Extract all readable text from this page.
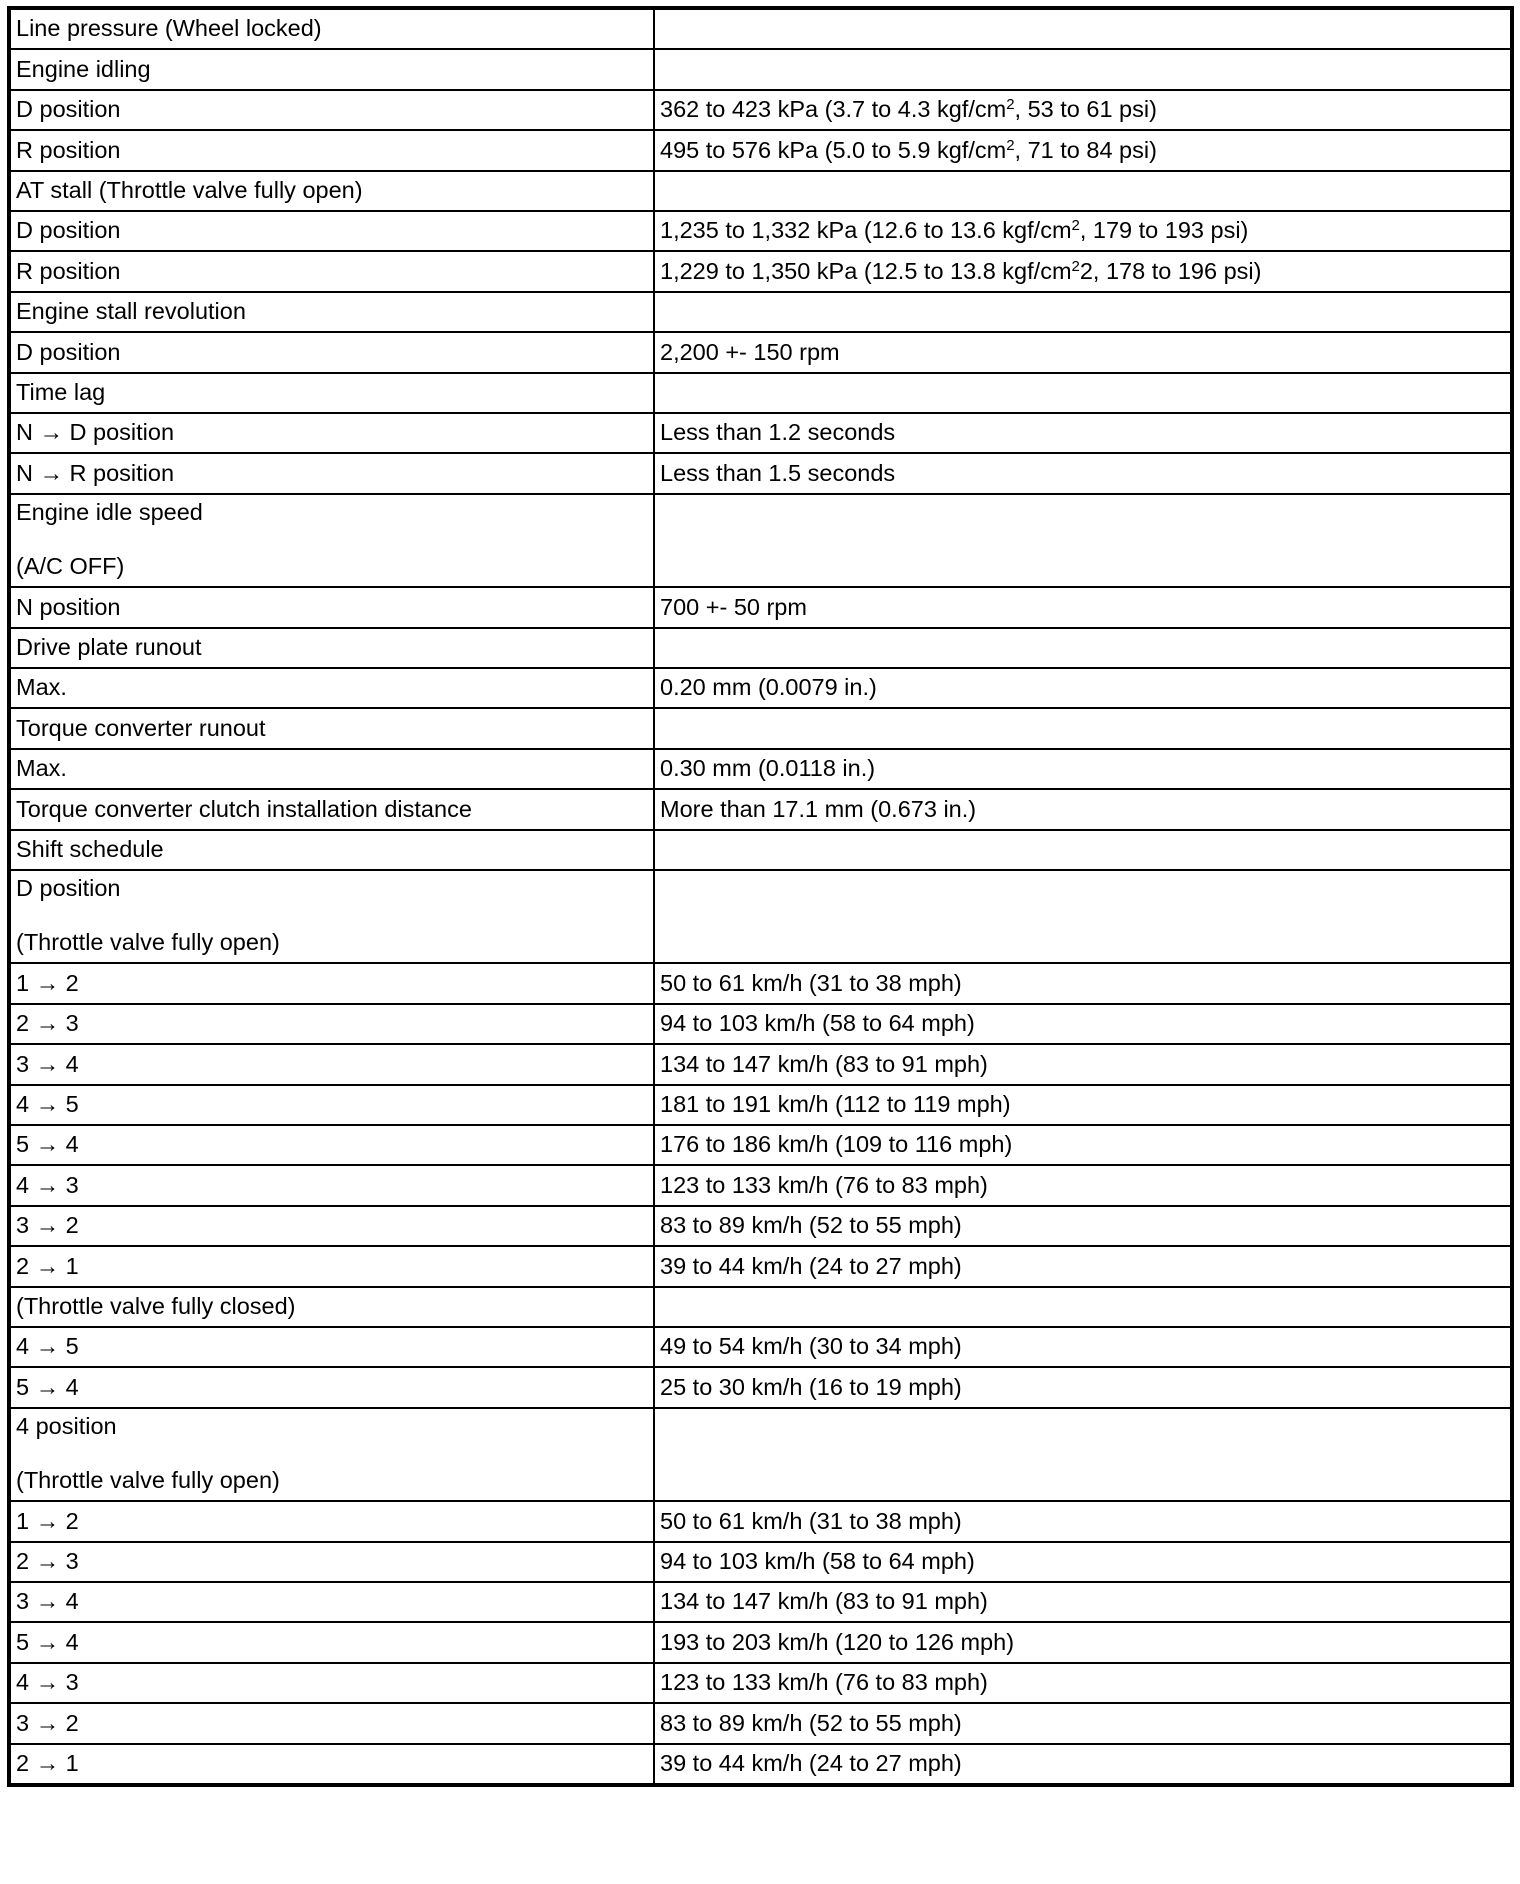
Line pressure (Wheel locked)	
Engine idling	
D position	362 to 423 kPa (3.7 to 4.3 kgf/$cm^2$, 53 to 61 psi)
R position	495 to 576 kPa (5.0 to 5.9 kgf/$cm^2$, 71 to 84 psi)
AT stall (Throttle valve fully open)	
D position	1,235 to 1,332 kPa (12.6 to 13.6 kgf/$cm^2$, 179 to 193 psi)
R position	1,229 to 1,350 kPa (12.5 to 13.8 kgf/$cm^22$, 178 to 196 psi)
Engine stall revolution	
D position	2,200 +- 150 rpm
Time lag	
N → D position	Less than 1.2 seconds
N → R position	Less than 1.5 seconds
Engine idle speed
(A/C OFF)	

N position	700 +- 50 rpm
Drive plate runout	
Max.	0.20 mm (0.0079 in.)
Torque converter runout	
Max.	0.30 mm (0.0118 in.)
Torque converter clutch installation distance	More than 17.1 mm (0.673 in.)
Shift schedule	
D position
(Throttle valve fully open)	

1 → 2	50 to 61 km/h (31 to 38 mph)
2 → 3	94 to 103 km/h (58 to 64 mph)
3 → 4	134 to 147 km/h (83 to 91 mph)
4 → 5	181 to 191 km/h (112 to 119 mph)
5 → 4	176 to 186 km/h (109 to 116 mph)
4 → 3	123 to 133 km/h (76 to 83 mph)
3 → 2	83 to 89 km/h (52 to 55 mph)
2 → 1	39 to 44 km/h (24 to 27 mph)
(Throttle valve fully closed)	
4 → 5	49 to 54 km/h (30 to 34 mph)
5 → 4	25 to 30 km/h (16 to 19 mph)
4 position
(Throttle valve fully open)	

1 → 2	50 to 61 km/h (31 to 38 mph)
2 → 3	94 to 103 km/h (58 to 64 mph)
3 → 4	134 to 147 km/h (83 to 91 mph)
5 → 4	193 to 203 km/h (120 to 126 mph)
4 → 3	123 to 133 km/h (76 to 83 mph)
3 → 2	83 to 89 km/h (52 to 55 mph)
2 → 1	39 to 44 km/h (24 to 27 mph)
